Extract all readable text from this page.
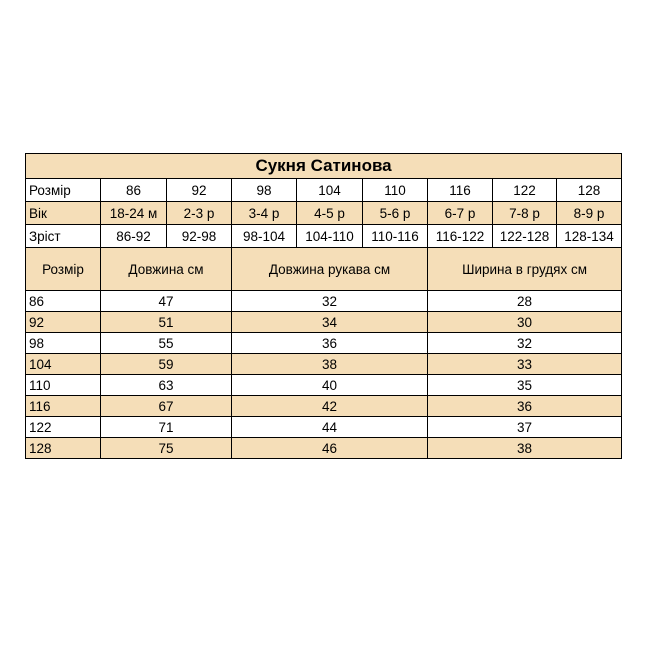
Сукня Сатинова								
Розмір	86	92	98	104	110	116	122	128
Вік	18-24 м	2-3 р	3-4 р	4-5 р	5-6 р	6-7 р	7-8 р	8-9 р
Зріст	86-92	92-98	98-104	104-110	110-116	116-122	122-128	128-134
Розмір	Довжина см		Довжина рукава см			Ширина в грудях см		
86	47		32			28		
92	51		34			30		
98	55		36			32		
104	59		38			33		
110	63		40			35		
116	67		42			36		
122	71		44			37		
128	75		46			38		
